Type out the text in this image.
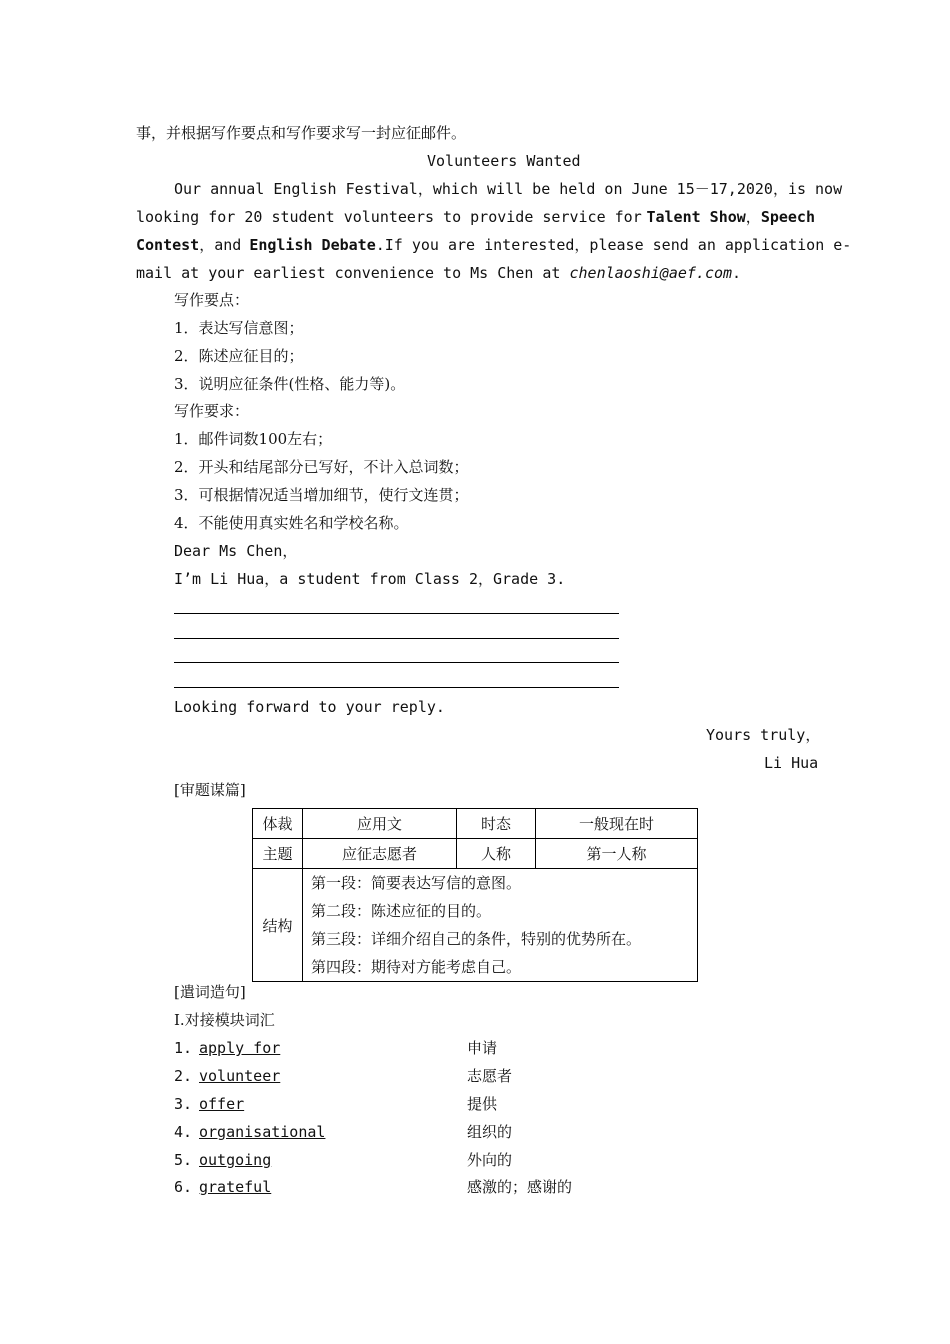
事，并根据写作要点和写作要求写一封应征邮件。
Volunteers Wanted
Our annual English Festival，which will be held on June 15－17,2020，is now
looking for 20 student volunteers to provide service for Talent Show，Speech
Contest ，and English Debate .If you are interested，please send an application e-
mail at your earliest convenience to Ms Chen at chenlaoshi@aef.com.
写作要点：
1．表达写信意图；
2．陈述应征目的；
3．说明应征条件(性格、能力等)。
写作要求：
1．邮件词数100左右；
2．开头和结尾部分已写好，不计入总词数；
3．可根据情况适当增加细节，使行文连贯；
4．不能使用真实姓名和学校名称。
Dear Ms Chen，
I’m Li Hua，a student from Class 2，Grade 3.
Looking forward to your reply.
Yours truly，
Li Hua
[审题谋篇]
体裁	应用文	时态	一般现在时
主题	应征志愿者	人称	第一人称
结构	第一段：简要表达写信的意图。
第二段：陈述应征的目的。
第三段：详细介绍自己的条件，特别的优势所在。
第四段：期待对方能考虑自己。		
[遣词造句]
Ⅰ.对接模块词汇
1. apply for	申请
2. volunteer	志愿者
3. offer	提供
4. organisational	组织的
5. outgoing	外向的
6. grateful	感激的；感谢的
